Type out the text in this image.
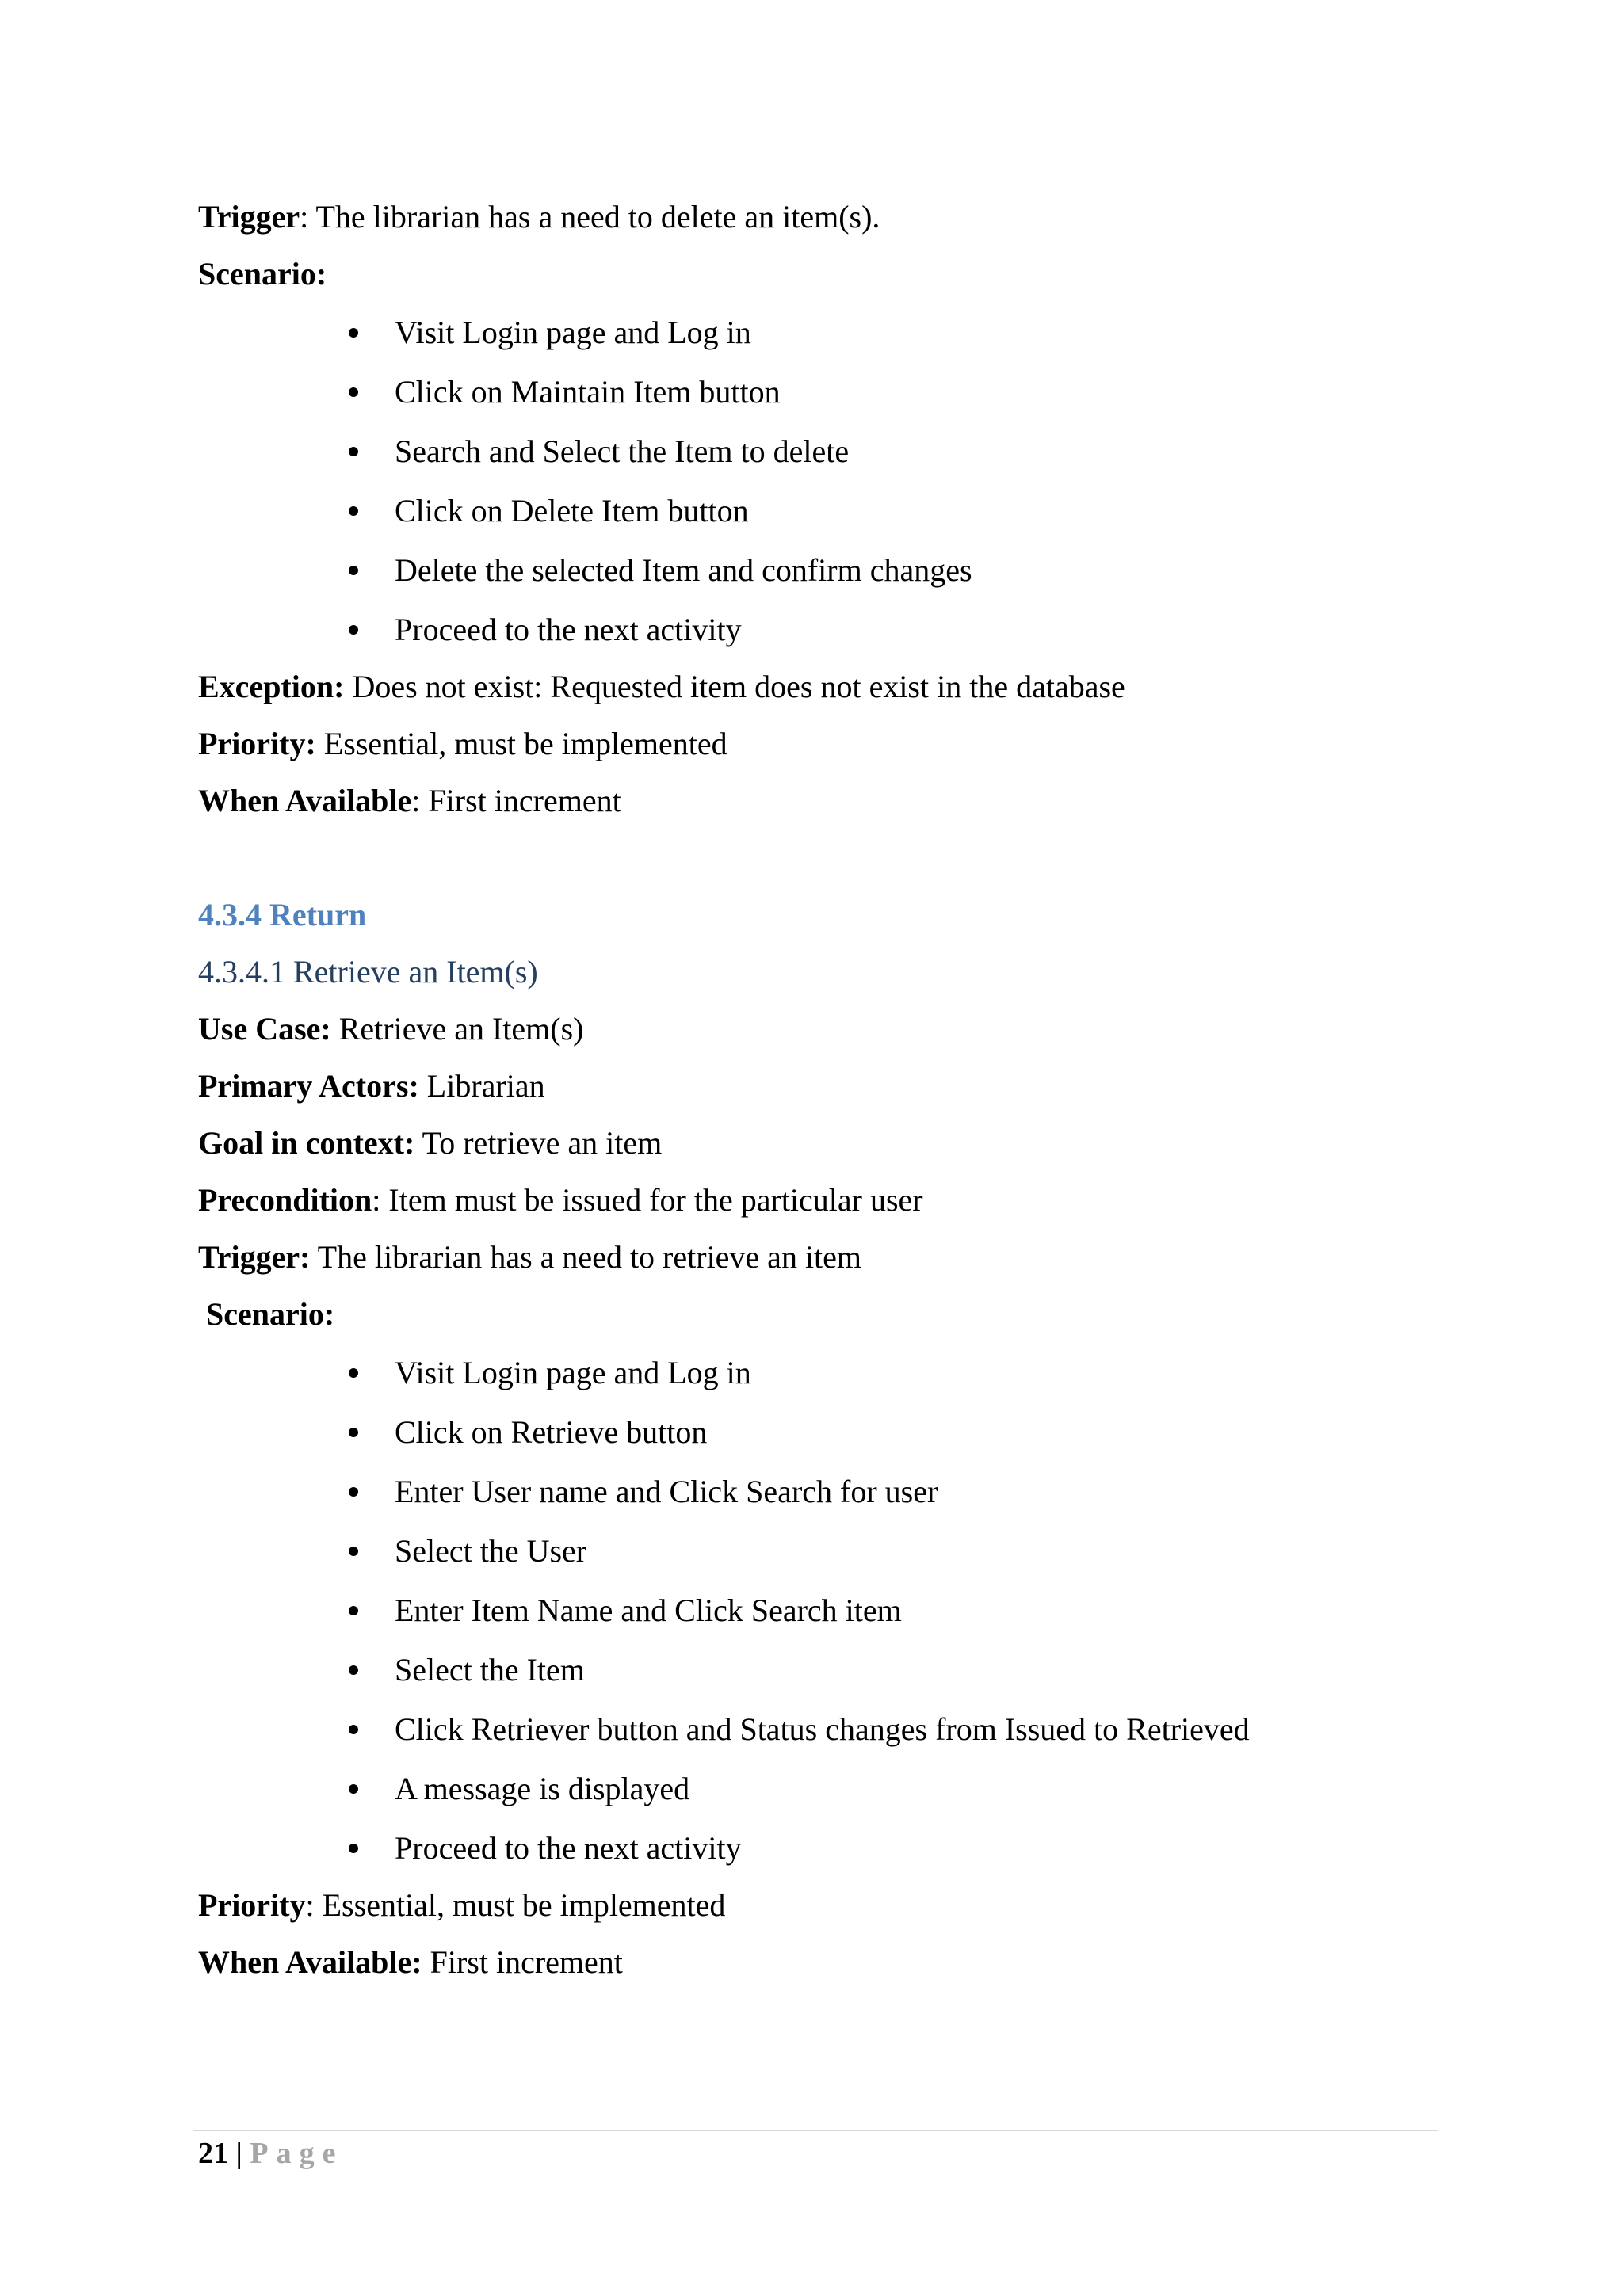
Trigger: The librarian has a need to delete an item(s).
Scenario:
Visit Login page and Log in
Click on Maintain Item button
Search and Select the Item to delete
Click on Delete Item button
Delete the selected Item and confirm changes
Proceed to the next activity
Exception: Does not exist: Requested item does not exist in the database
Priority: Essential, must be implemented
When Available: First increment
4.3.4 Return
4.3.4.1 Retrieve an Item(s)
Use Case: Retrieve an Item(s)
Primary Actors: Librarian
Goal in context: To retrieve an item
Precondition: Item must be issued for the particular user
Trigger: The librarian has a need to retrieve an item
Scenario:
Visit Login page and Log in
Click on Retrieve button
Enter User name and Click Search for user
Select the User
Enter Item Name and Click Search item
Select the Item
Click Retriever button and Status changes from Issued to Retrieved
A message is displayed
Proceed to the next activity
Priority: Essential, must be implemented
When Available: First increment
21 | Page
